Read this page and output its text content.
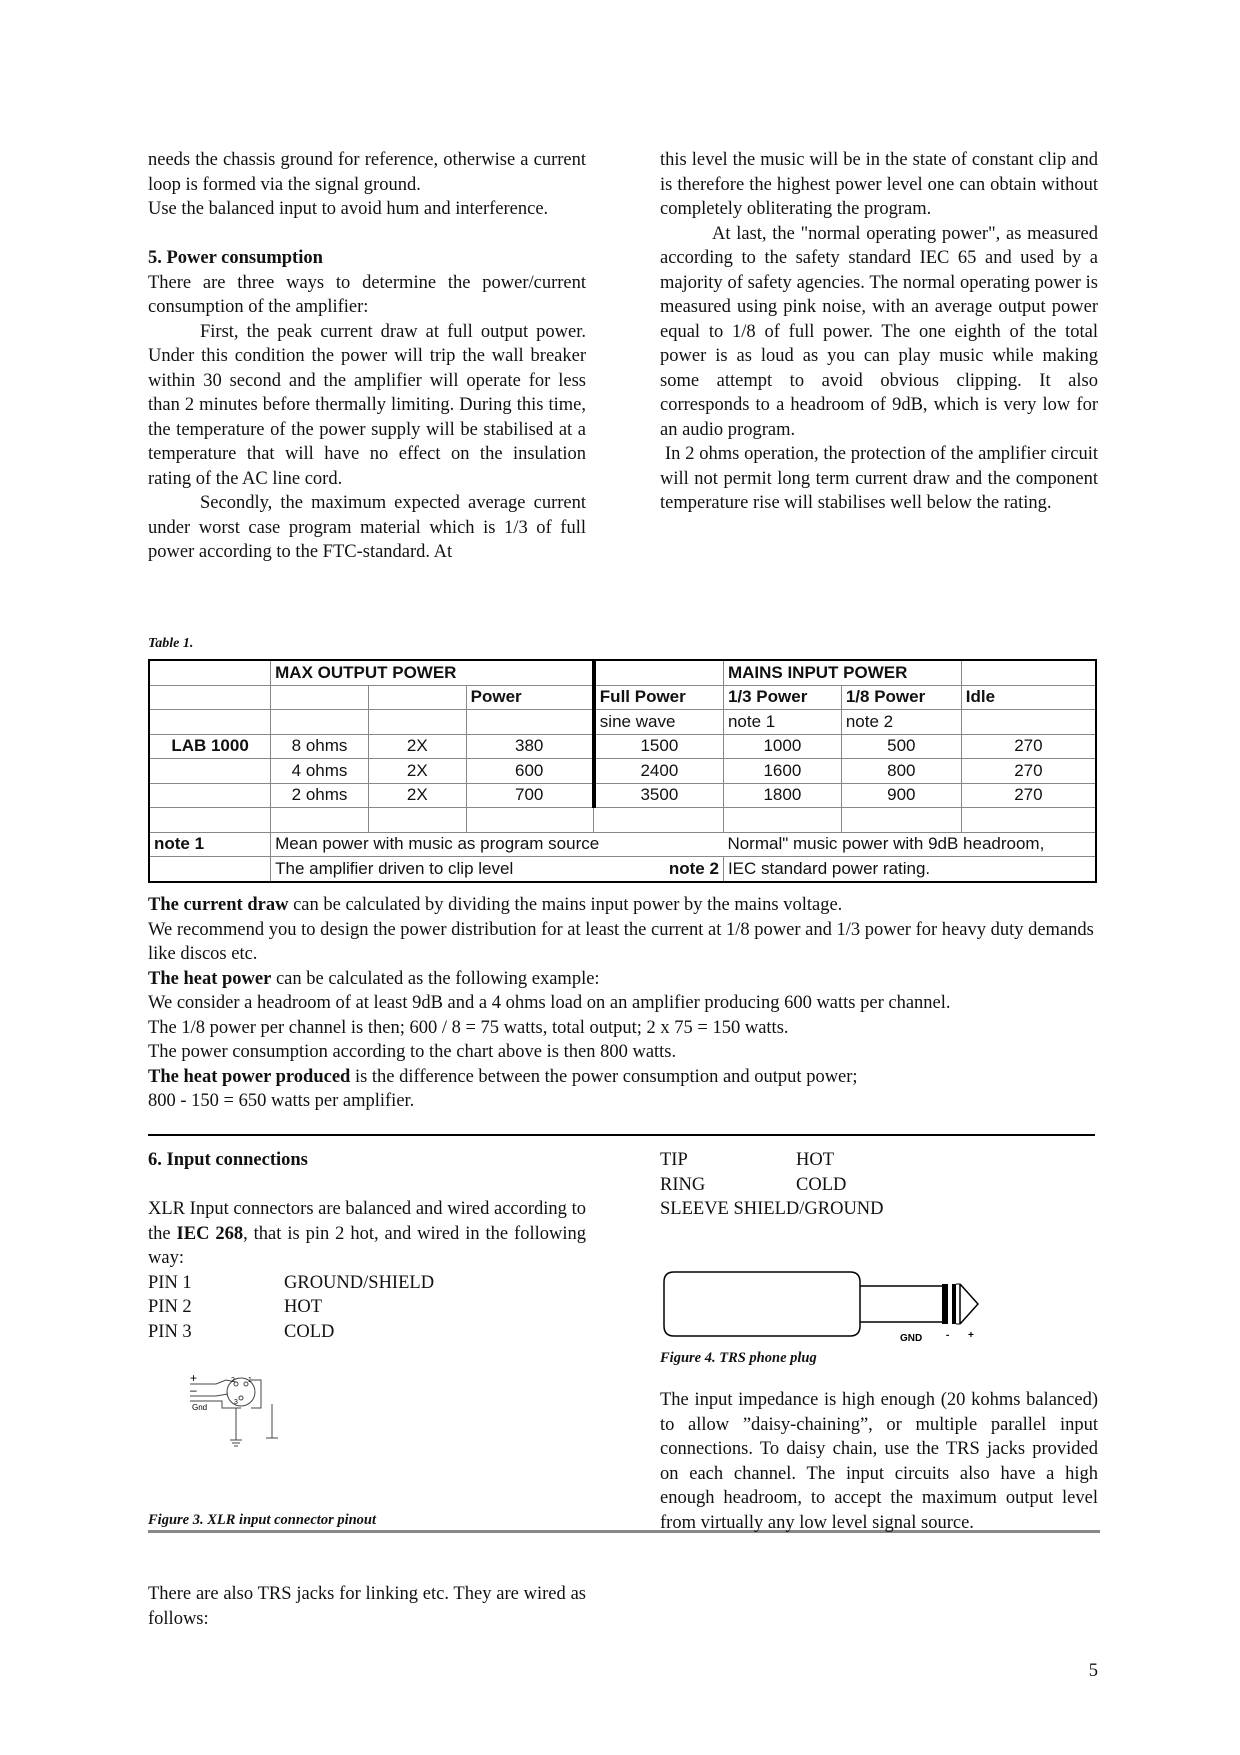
needs the chassis ground for reference, otherwise a current loop is formed via the signal ground.

Use the balanced input to avoid hum and interference.

5. Power consumption

There are three ways to determine the power/current consumption of the amplifier:

First, the peak current draw at full output power. Under this condition the power will trip the wall breaker within 30 second and the amplifier will operate for less than 2 minutes before thermally limiting. During this time, the temperature of the power supply will be stabilised at a temperature that will have no effect on the insulation rating of the AC line cord.

Secondly, the maximum expected average current under worst case program material which is 1/3 of full power according to the FTC-standard. At

this level the music will be in the state of constant clip and is therefore the highest power level one can obtain without completely obliterating the program.

At last, the "normal operating power", as measured according to the safety standard IEC 65 and used by a majority of safety agencies. The normal operating power is measured using pink noise, with an average output power equal to 1/8 of full power. The one eighth of the total power is as loud as you can play music while making some attempt to avoid obvious clipping. It also corresponds to a headroom of 9dB, which is very low for an audio program.

In 2 ohms operation, the protection of the amplifier circuit will not permit long term current draw and the component temperature rise will stabilises well below the rating.

Table 1.
	MAX OUTPUT POWER				MAINS INPUT POWER		
			Power	Full Power	1/3 Power	1/8 Power	Idle
				sine wave	note 1	note 2	
LAB 1000	8 ohms	2X	380	1500	1000	500	270
	4 ohms	2X	600	2400	1600	800	270
	2 ohms	2X	700	3500	1800	900	270

note 1	Mean power with music as program source				Normal" music power with 9dB headroom,		
	The amplifier driven to clip level			note 2	IEC standard power rating.		

The current draw can be calculated by dividing the mains input power by the mains voltage.

We recommend you to design the power distribution for at least the current at 1/8 power and 1/3 power for heavy duty demands like discos etc.

The heat power can be calculated as the following example:

We consider a headroom of at least 9dB and a 4 ohms load on an amplifier producing 600 watts per channel.

The 1/8 power per channel is then; 600 / 8 = 75 watts, total output; 2 x 75 = 150 watts.

The power consumption according to the chart above is then 800 watts.

The heat power produced is the difference between the power consumption and output power;

800 - 150 = 650 watts per amplifier.

6. Input connections

XLR Input connectors are balanced and wired according to the IEC 268, that is pin 2 hot, and wired in the following way:

PIN 1	GROUND/SHIELD
PIN 2	HOT
PIN 3	COLD
+
–
Gnd
2 1
3
Figure 3. XLR input connector pinout

There are also TRS jacks for linking etc. They are wired as follows:

TIP	HOT
RING	COLD

SLEEVE SHIELD/GROUND

GND - +
Figure 4. TRS phone plug

The input impedance is high enough (20 kohms balanced) to allow ”daisy-chaining”, or multiple parallel input connections. To daisy chain, use the TRS jacks provided on each channel. The input circuits also have a high enough headroom, to accept the maximum output level from virtually any low level signal source.

5
